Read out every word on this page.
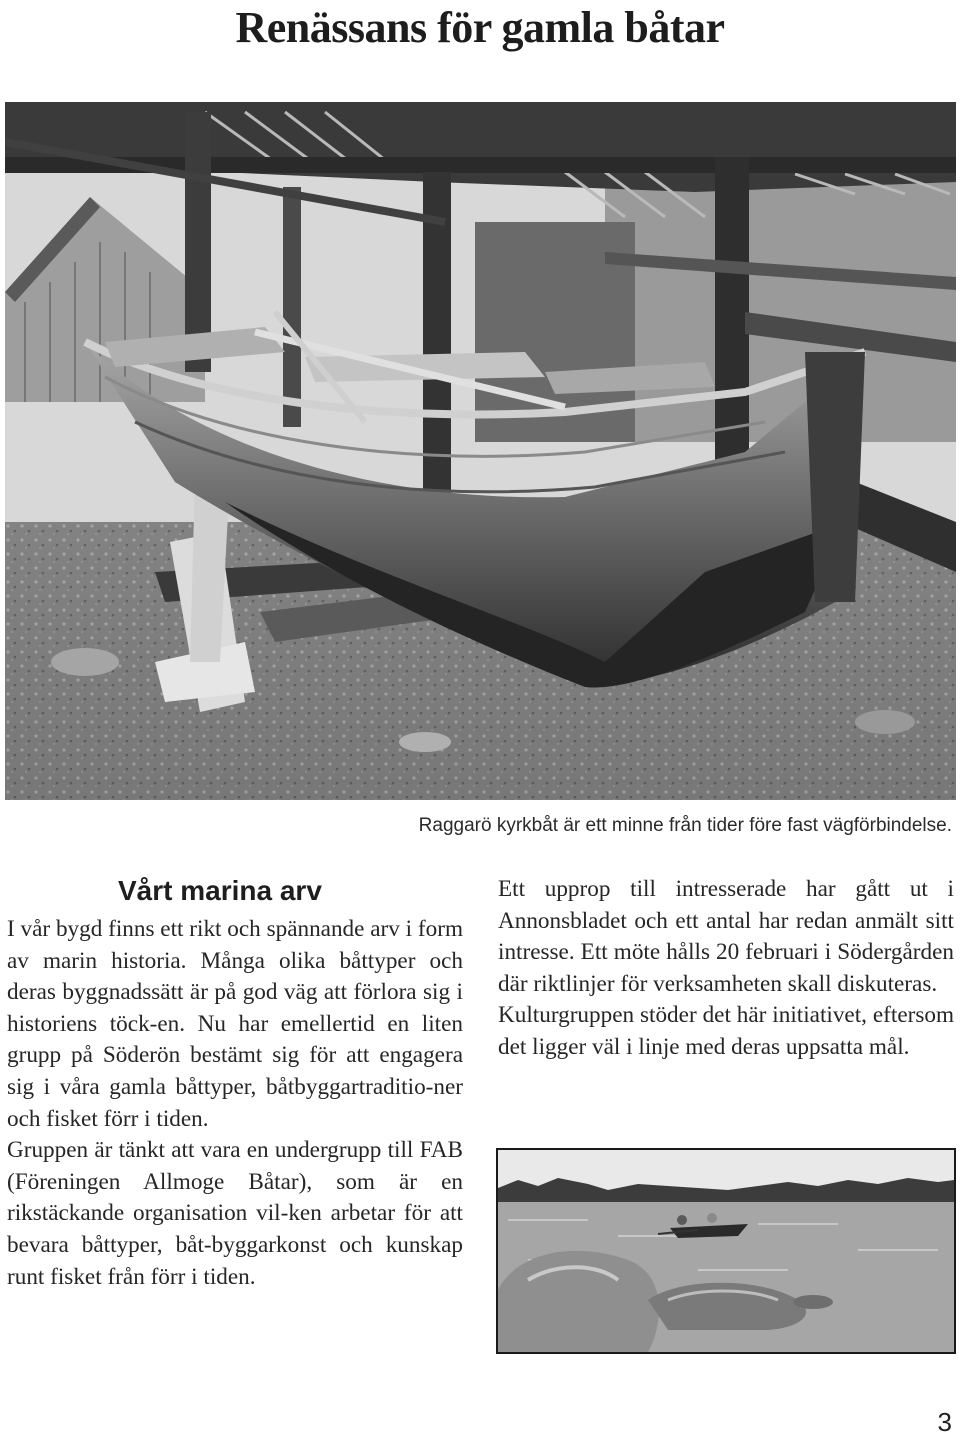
Renässans för gamla båtar
Raggarö kyrkbåt är ett minne från tider före fast vägförbindelse.
Vårt marina arv

I vår bygd finns ett rikt och spännande arv i form av marin historia. Många olika båttyper och deras byggnadssätt är på god väg att förlora sig i historiens töck-en. Nu har emellertid en liten grupp på Söderön bestämt sig för att engagera sig i våra gamla båttyper, båtbyggartraditio-ner och fisket förr i tiden.

Gruppen är tänkt att vara en undergrupp till FAB (Föreningen Allmoge Båtar), som är en rikstäckande organisation vil-ken arbetar för att bevara båttyper, båt-byggarkonst och kunskap runt fisket från förr i tiden.

Ett upprop till intresserade har gått ut i Annonsbladet och ett antal har redan anmält sitt intresse. Ett möte hålls 20 februari i Södergården där riktlinjer för verksamheten skall diskuteras.

Kulturgruppen stöder det här initiativet, eftersom det ligger väl i linje med deras uppsatta mål.

3
